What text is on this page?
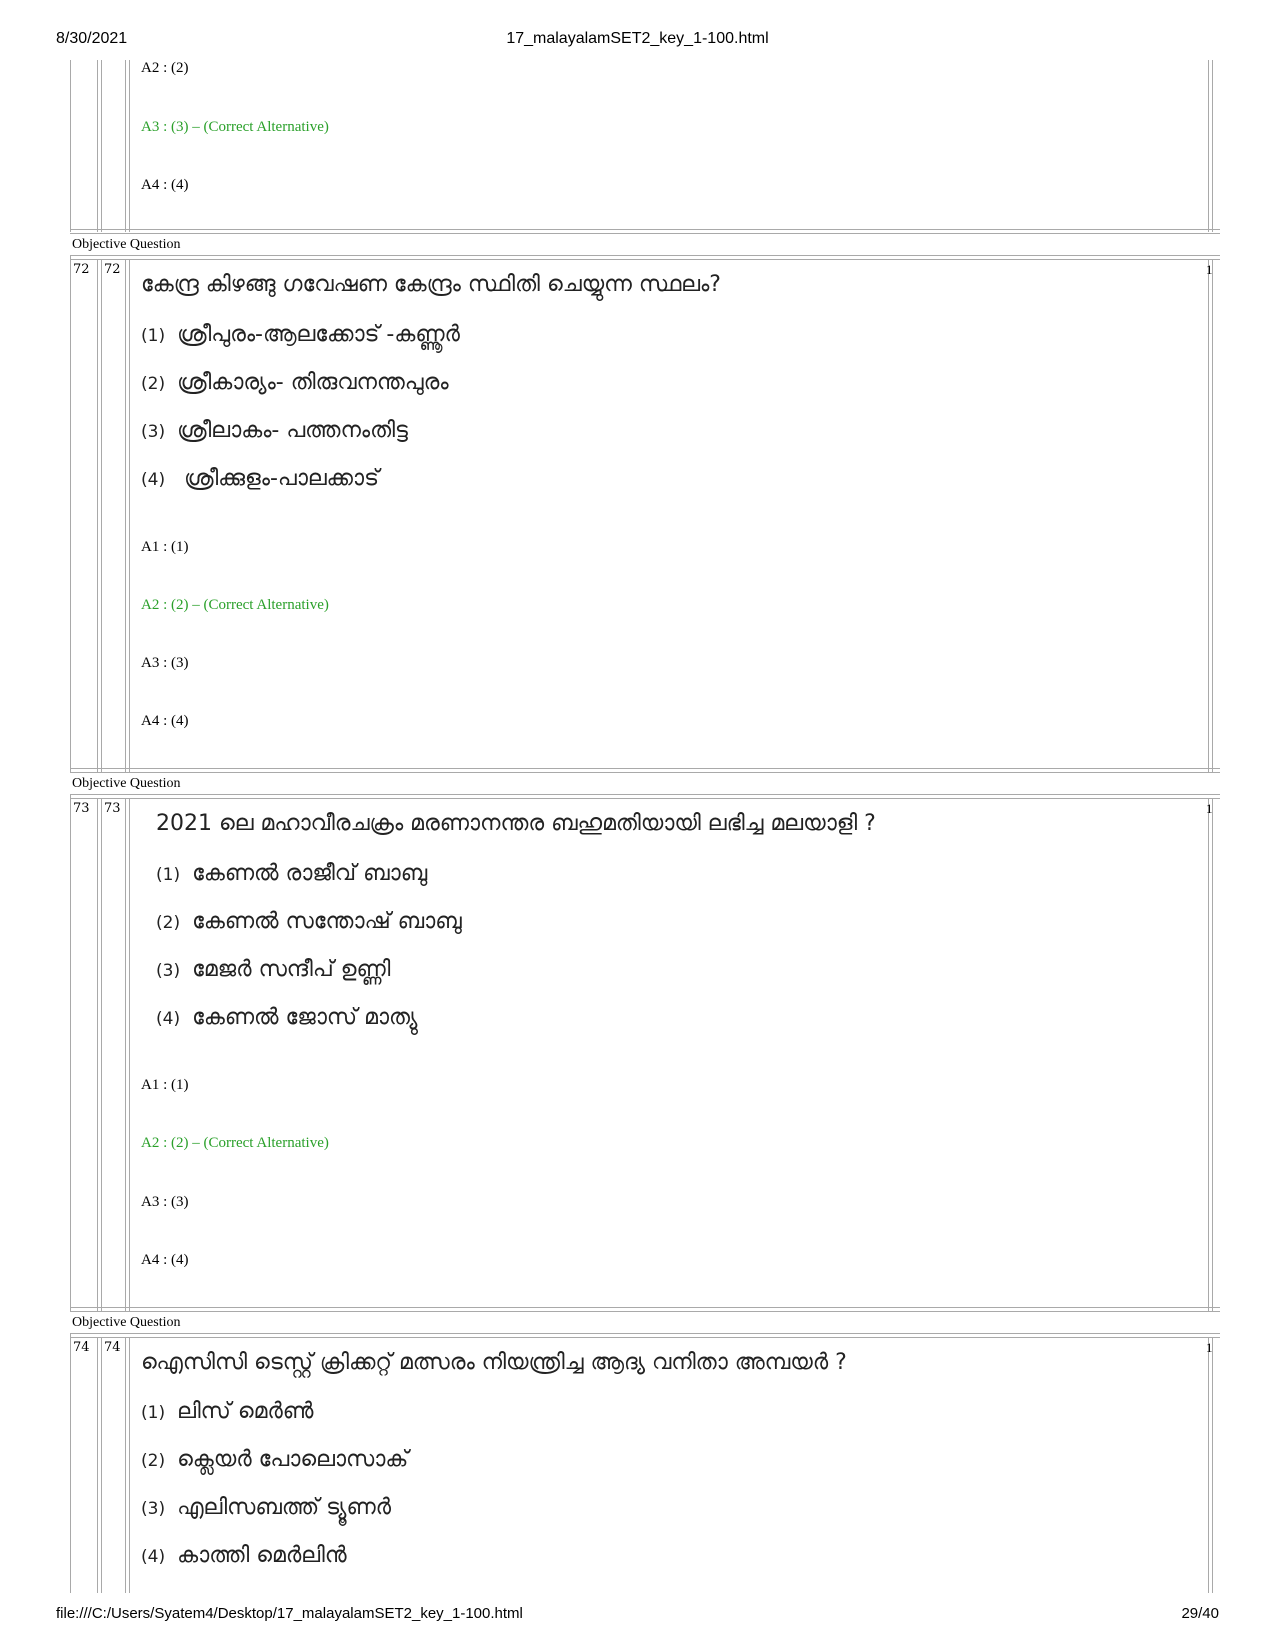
8/30/2021	17_malayalamSET2_key_1-100.html
A2 : (2)
A3 : (3) – (Correct Alternative)
A4 : (4)
Objective Question
72 72	1
കേന്ദ്ര കിഴങ്ങു ഗവേഷണ കേന്ദ്രം സ്ഥിതി ചെയ്യുന്ന സ്ഥലം?
(1) ശ്രീപുരം-ആലക്കോട് -കണ്ണൂർ
(2) ശ്രീകാര്യം- തിരുവനന്തപുരം
(3) ശ്രീലാകം- പത്തനംതിട്ട
(4) ശ്രീക്കുളം-പാലക്കാട്
A1 : (1)
A2 : (2) – (Correct Alternative)
A3 : (3)
A4 : (4)
Objective Question
73 73	1
2021 ലെ മഹാവീരചക്രം മരണാനന്തര ബഹുമതിയായി ലഭിച്ച മലയാളി ?
(1) കേണൽ രാജീവ് ബാബു
(2) കേണൽ സന്തോഷ് ബാബു
(3) മേജർ സന്ദീപ് ഉണ്ണി
(4) കേണൽ ജോസ് മാത്യു
A1 : (1)
A2 : (2) – (Correct Alternative)
A3 : (3)
A4 : (4)
Objective Question
74 74	1
ഐസിസി ടെസ്റ്റ് ക്രിക്കറ്റ് മത്സരം നിയന്ത്രിച്ച ആദ്യ വനിതാ അമ്പയർ ?
(1) ലിസ് മെർൺ
(2) ക്ലെയർ പോലൊസാക്
(3) എലിസബത്ത് ട്യൂണർ
(4) കാത്തി മെർലിൻ
file:///C:/Users/Syatem4/Desktop/17_malayalamSET2_key_1-100.html	29/40
